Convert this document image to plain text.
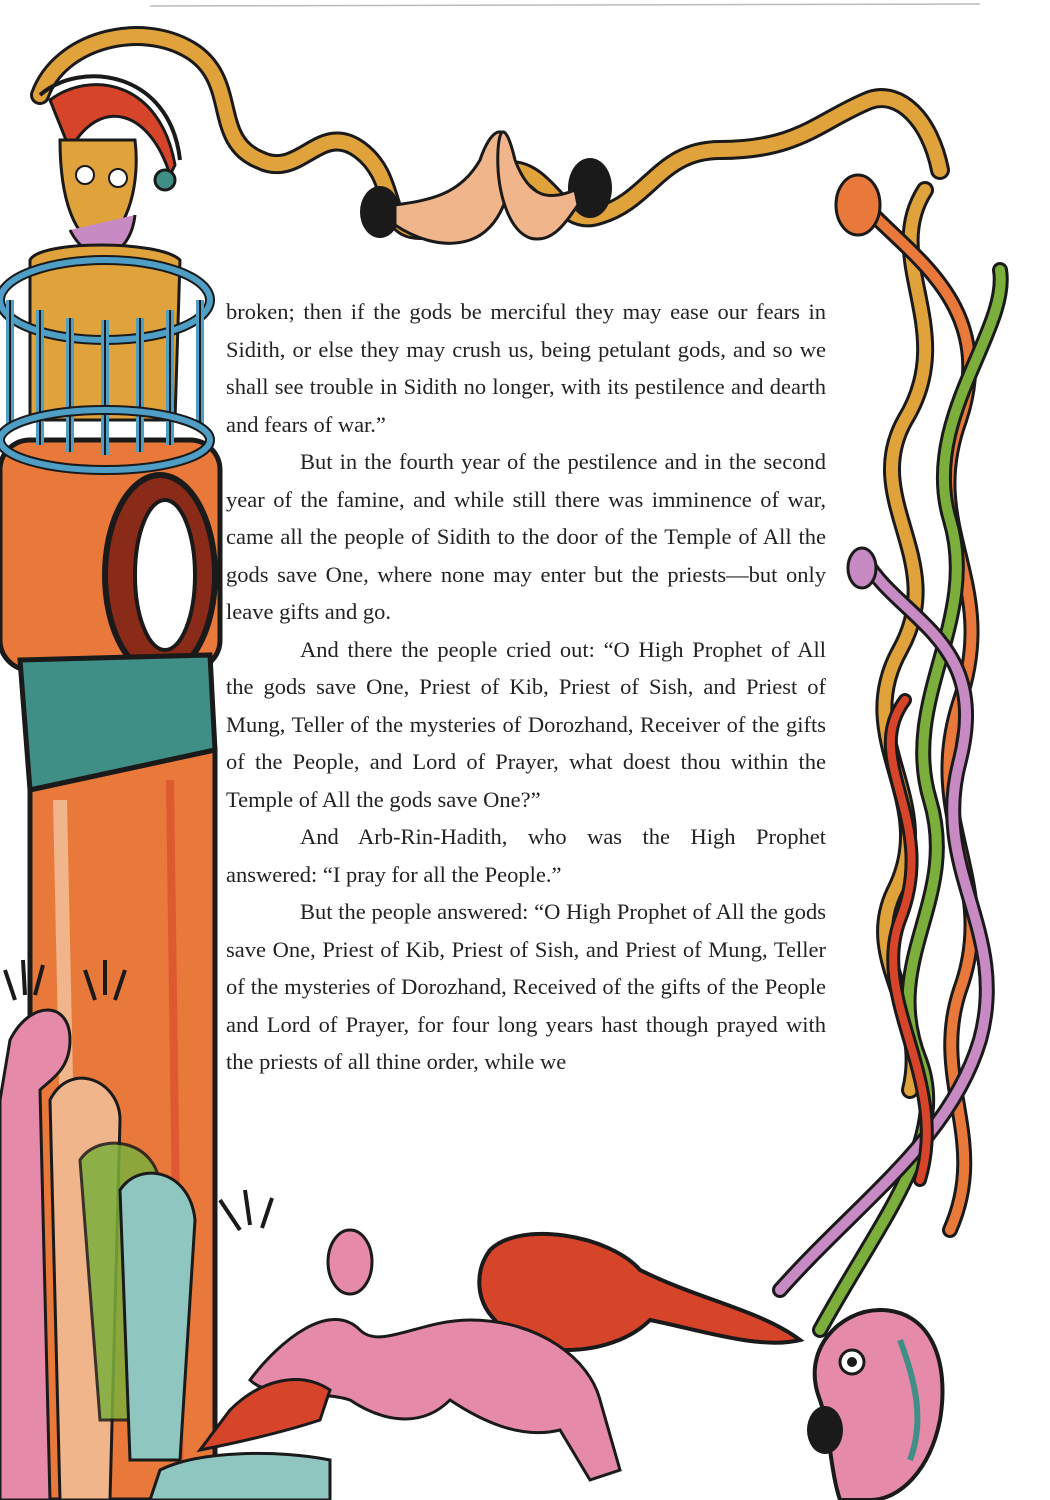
broken; then if the gods be merciful they may ease our fears in Sidith, or else they may crush us, being petulant gods, and so we shall see trouble in Sidith no longer, with its pestilence and dearth and fears of war.”

But in the fourth year of the pestilence and in the second year of the famine, and while still there was imminence of war, came all the people of Sidith to the door of the Temple of All the gods save One, where none may enter but the priests—but only leave gifts and go.

And there the people cried out: “O High Prophet of All the gods save One, Priest of Kib, Priest of Sish, and Priest of Mung, Teller of the mysteries of Dorozhand, Receiver of the gifts of the People, and Lord of Prayer, what doest thou within the Temple of All the gods save One?”

And Arb-Rin-Hadith, who was the High Prophet answered: “I pray for all the People.”

But the people answered: “O High Prophet of All the gods save One, Priest of Kib, Priest of Sish, and Priest of Mung, Teller of the mysteries of Dorozhand, Received of the gifts of the People and Lord of Prayer, for four long years hast though prayed with the priests of all thine order, while we
